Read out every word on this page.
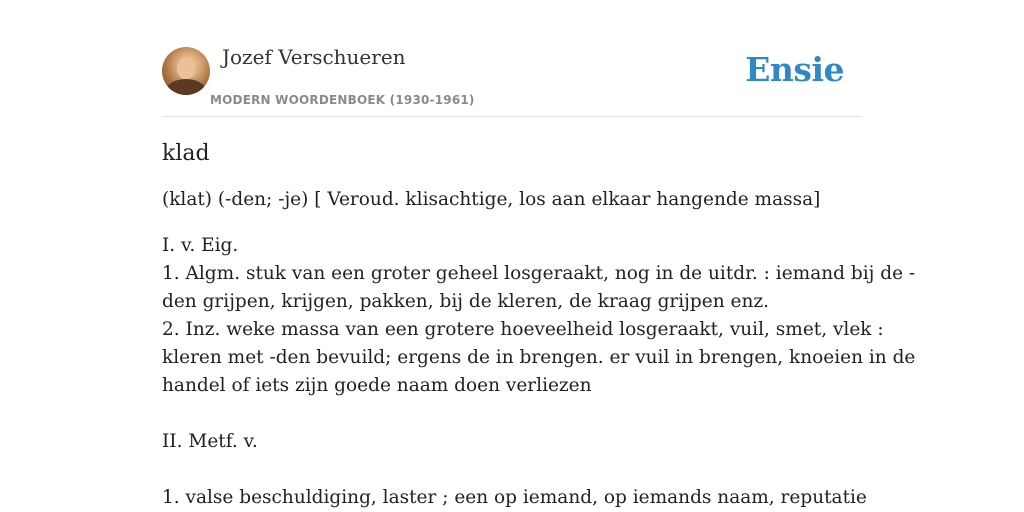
Jozef Verschueren
MODERN WOORDENBOEK (1930-1961)
Ensie
klad
(klat) (-den; -je) [ Veroud. klisachtige, los aan elkaar hangende massa]
I. v. Eig.
1. Algm. stuk van een groter geheel losgeraakt, nog in de uitdr. : iemand bij de -
den grijpen, krijgen, pakken, bij de kleren, de kraag grijpen enz.
2. Inz. weke massa van een grotere hoeveelheid losgeraakt, vuil, smet, vlek :
kleren met -den bevuild; ergens de in brengen. er vuil in brengen, knoeien in de
handel of iets zijn goede naam doen verliezen
II. Metf. v.
1. valse beschuldiging, laster ; een op iemand, op iemands naam, reputatie
